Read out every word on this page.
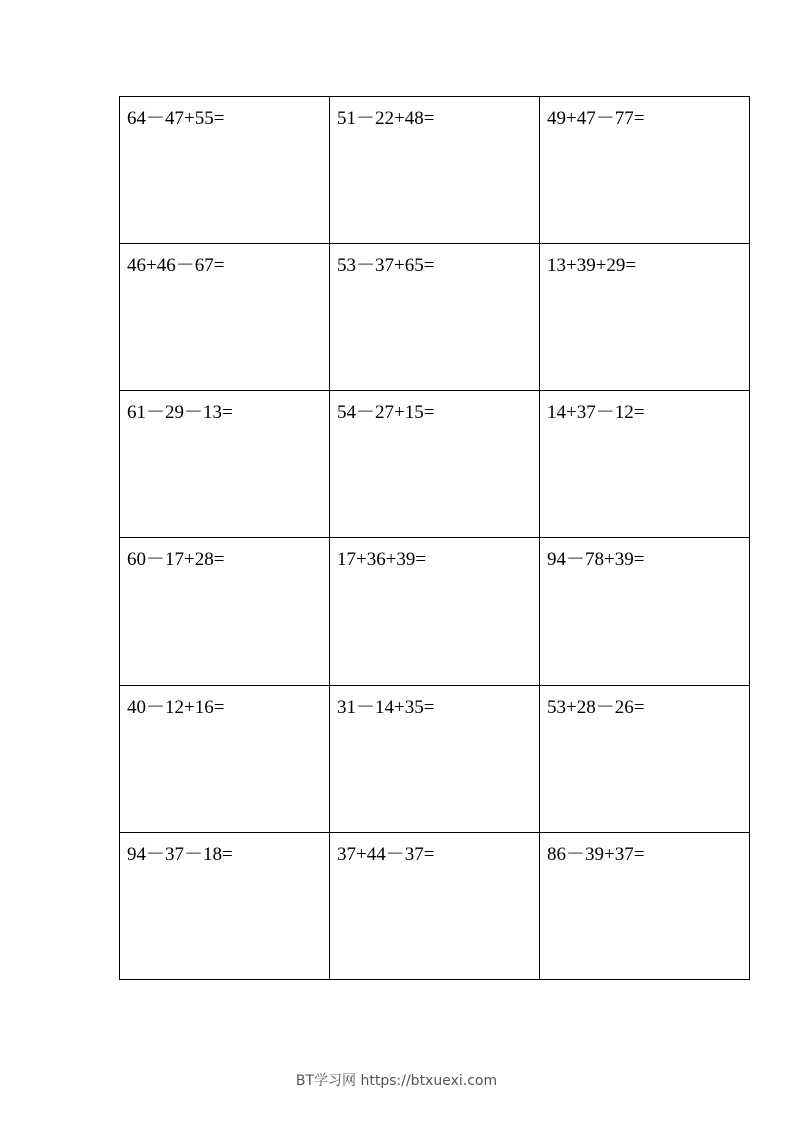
64－47+55=	51－22+48=	49+47－77=

46+46－67=	53－37+65=	13+39+29=

61－29－13=	54－27+15=	14+37－12=

60－17+28=	17+36+39=	94－78+39=

40－12+16=	31－14+35=	53+28－26=

94－37－18=	37+44－37=	86－39+37=
BT学习网 https://btxuexi.com
